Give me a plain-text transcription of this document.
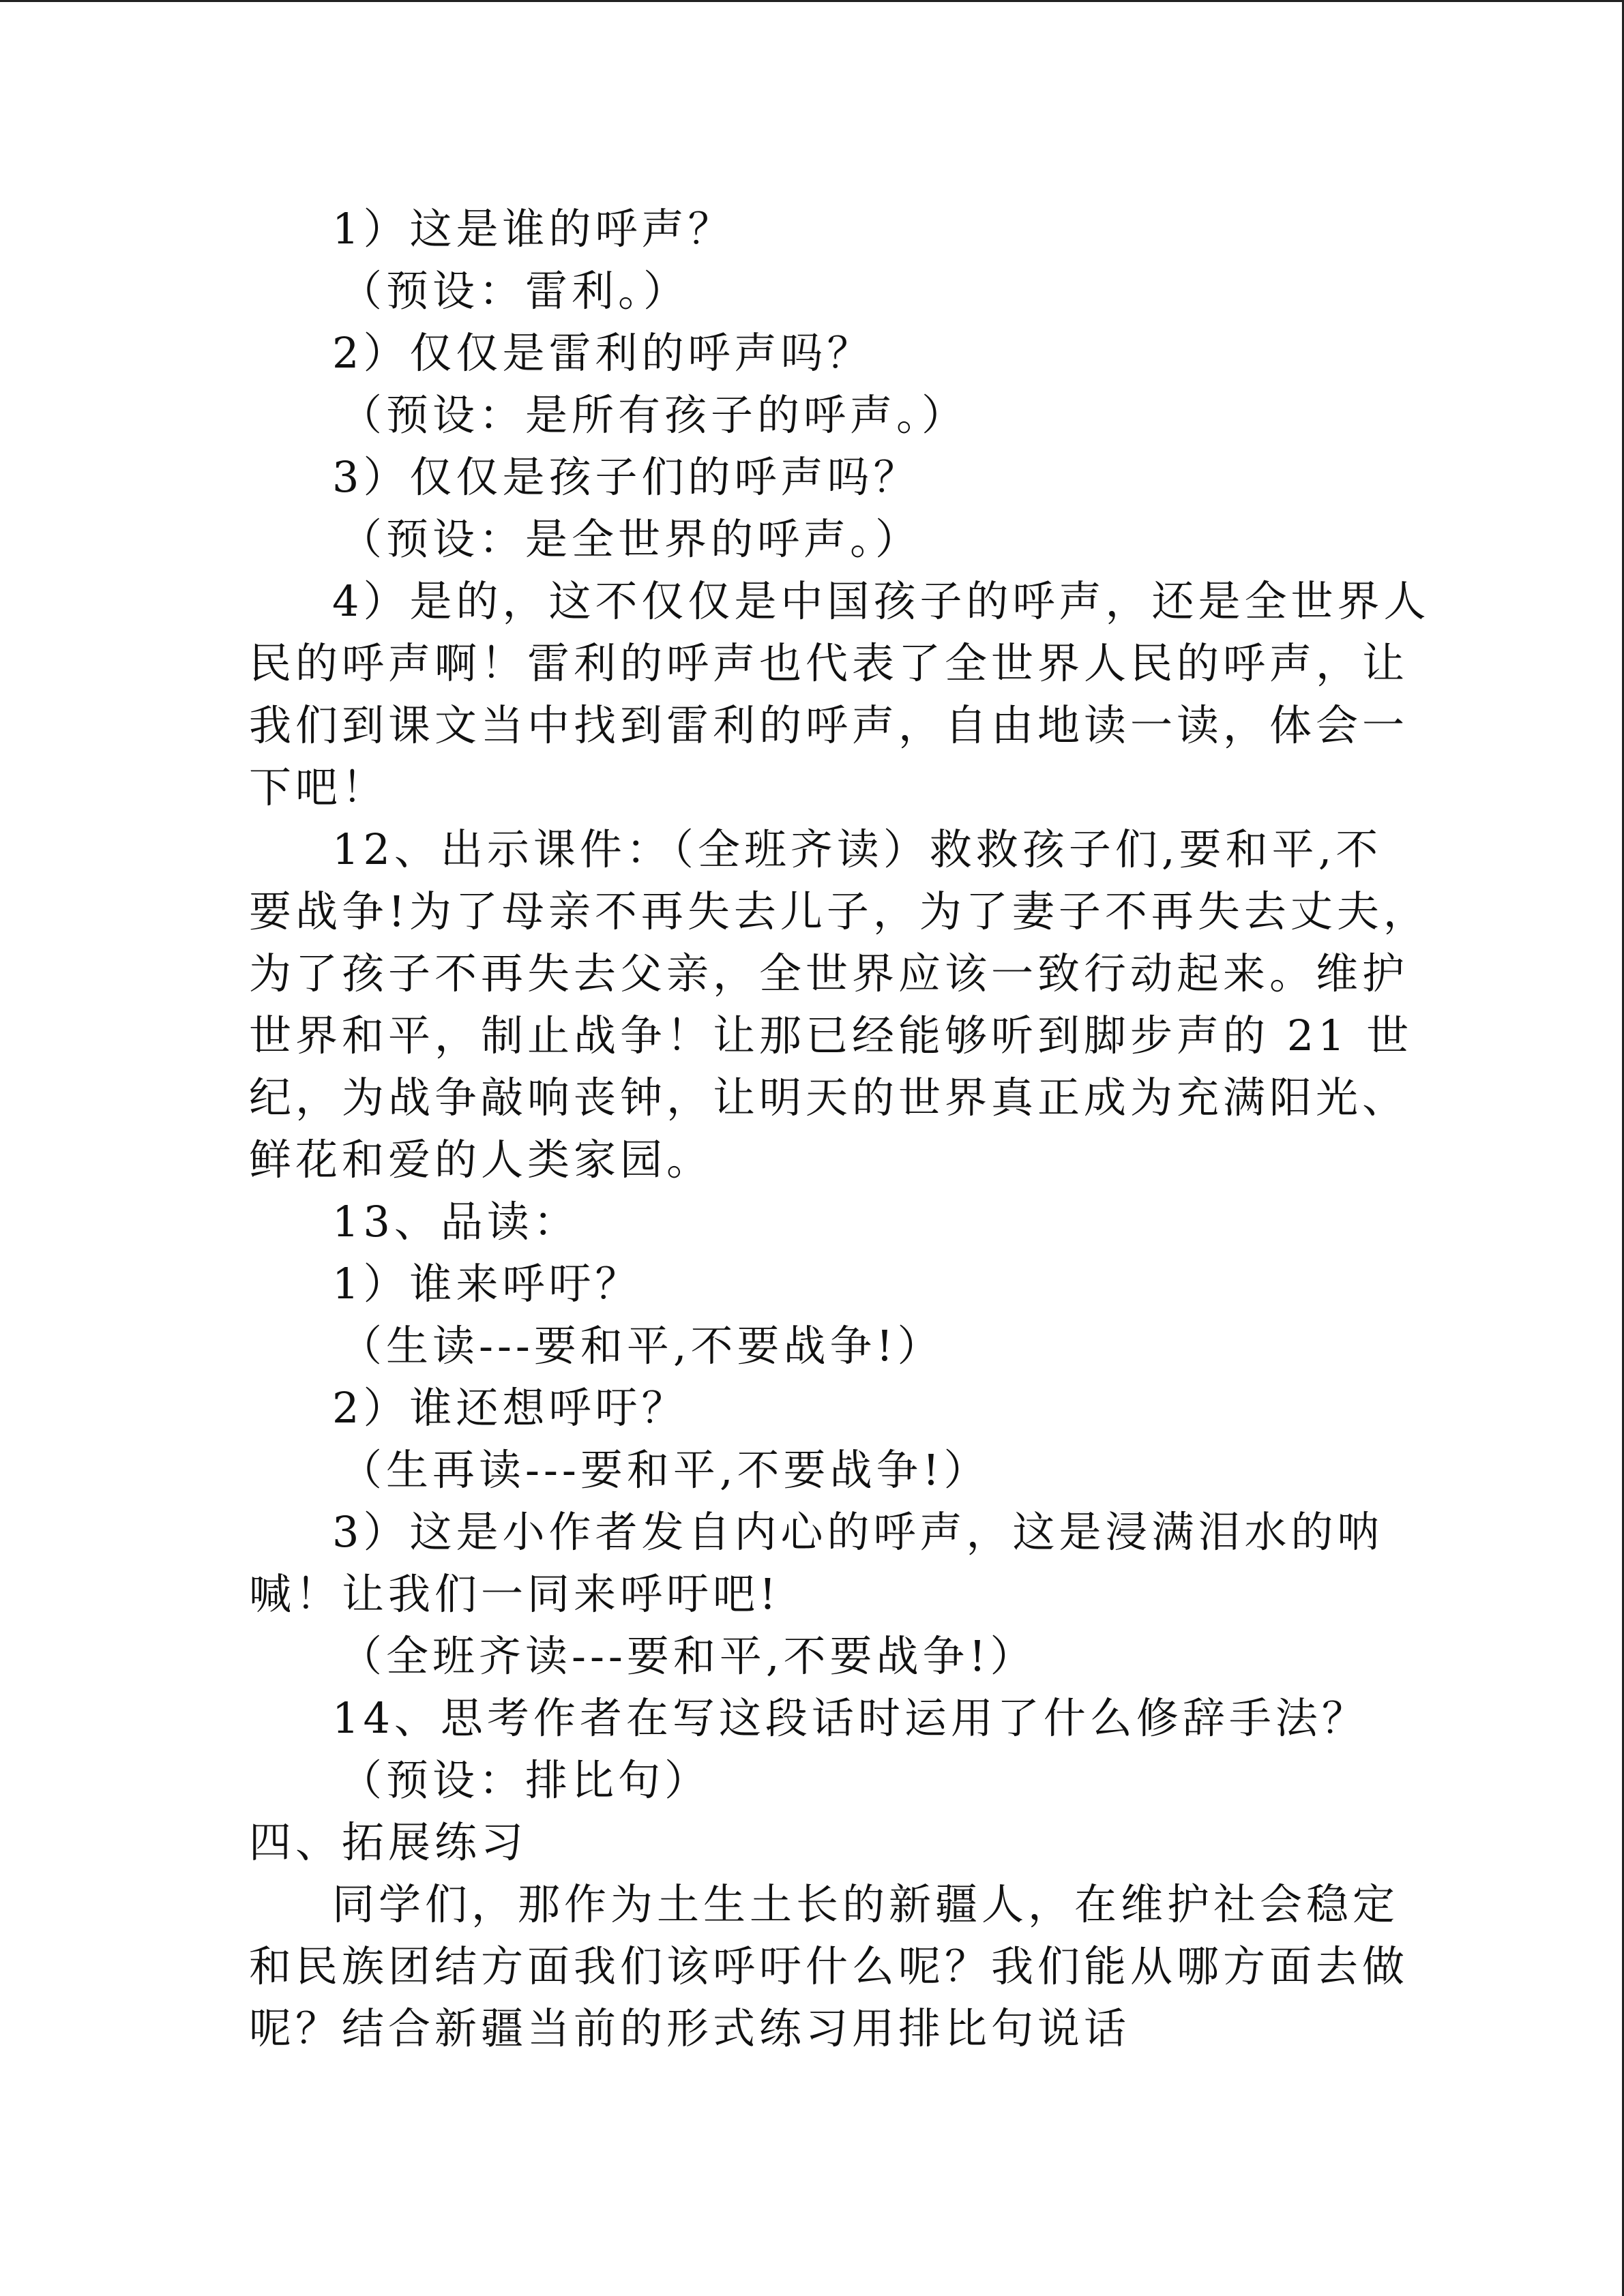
1）这是谁的呼声？
（预设：雷利。）
2）仅仅是雷利的呼声吗？
（预设：是所有孩子的呼声。）
3）仅仅是孩子们的呼声吗？
（预设：是全世界的呼声。）
4）是的，这不仅仅是中国孩子的呼声，还是全世界人
民的呼声啊！雷利的呼声也代表了全世界人民的呼声，让
我们到课文当中找到雷利的呼声，自由地读一读，体会一
下吧！
12、出示课件：（全班齐读）救救孩子们,要和平,不
要战争!为了母亲不再失去儿子，为了妻子不再失去丈夫，
为了孩子不再失去父亲，全世界应该一致行动起来。维护
世界和平，制止战争！让那已经能够听到脚步声的 21 世
纪，为战争敲响丧钟，让明天的世界真正成为充满阳光、
鲜花和爱的人类家园。
13、品读：
1）谁来呼吁？
（生读---要和平,不要战争!）
2）谁还想呼吁？
（生再读---要和平,不要战争!）
3）这是小作者发自内心的呼声，这是浸满泪水的呐
喊！让我们一同来呼吁吧!
（全班齐读---要和平,不要战争!）
14、思考作者在写这段话时运用了什么修辞手法？
（预设：排比句）
四、拓展练习
同学们，那作为土生土长的新疆人，在维护社会稳定
和民族团结方面我们该呼吁什么呢？我们能从哪方面去做
呢？结合新疆当前的形式练习用排比句说话
